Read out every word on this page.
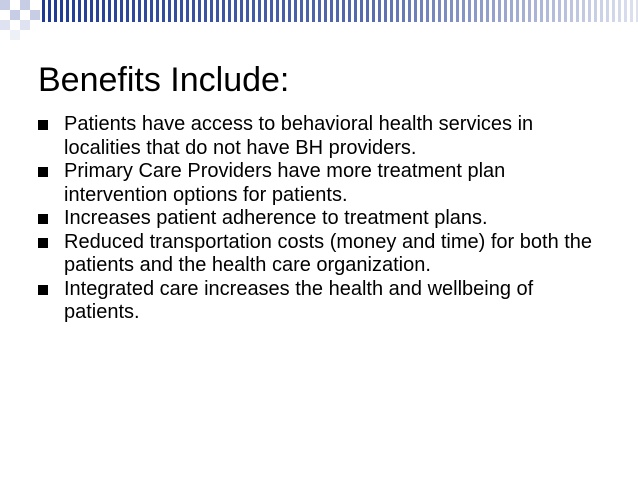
Benefits Include:
Patients have access to behavioral health services in localities that do not have BH providers.
Primary Care Providers have more treatment plan intervention options for patients.
Increases patient adherence to treatment plans.
Reduced transportation costs (money and time) for both the patients and the health care organization.
Integrated care increases the health and wellbeing of patients.
